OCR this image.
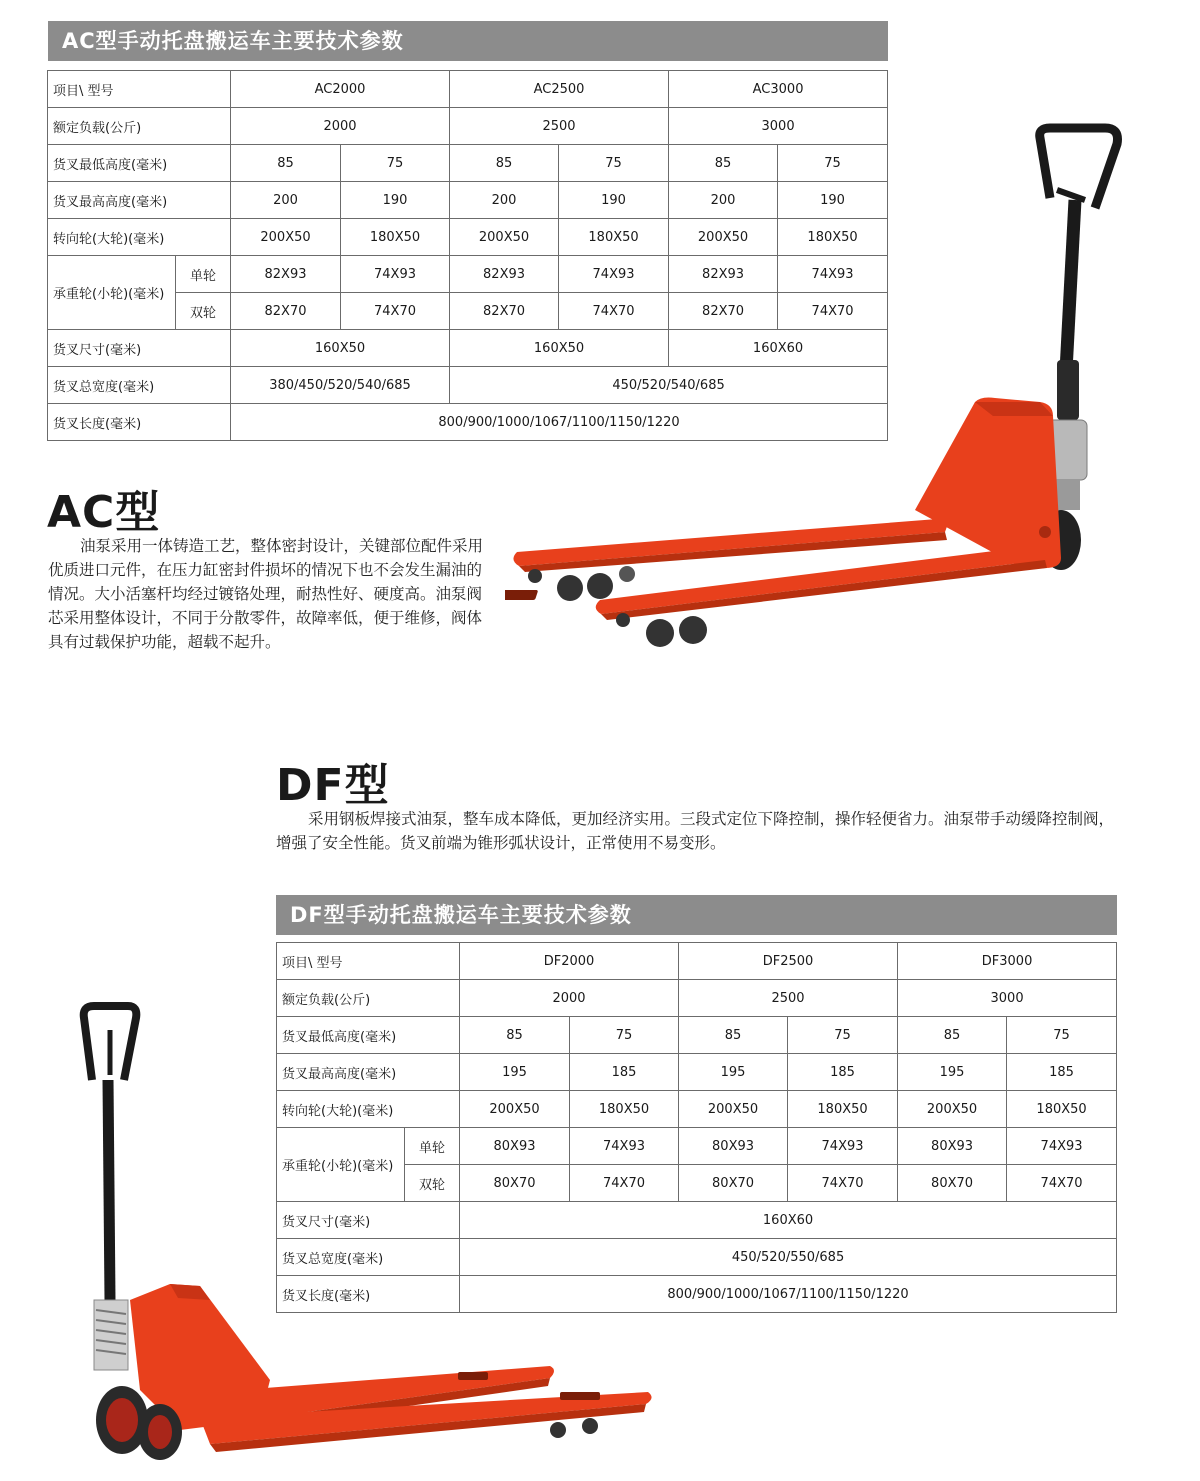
AC型手动托盘搬运车主要技术参数
项目\ 型号		AC2000		AC2500		AC3000	
额定负载(公斤)		2000		2500		3000	
货叉最低高度(毫米)		85	75	85	75	85	75
货叉最高高度(毫米)		200	190	200	190	200	190
转向轮(大轮)(毫米)		200X50	180X50	200X50	180X50	200X50	180X50
承重轮(小轮)(毫米)	单轮	82X93	74X93	82X93	74X93	82X93	74X93
	双轮	82X70	74X70	82X70	74X70	82X70	74X70
货叉尺寸(毫米)		160X50		160X50		160X60	
货叉总宽度(毫米)		380/450/520/540/685		450/520/540/685			
货叉长度(毫米)		800/900/1000/1067/1100/1150/1220					
AC型

油泵采用一体铸造工艺，整体密封设计，关键部位配件采用优质进口元件，在压力缸密封件损坏的情况下也不会发生漏油的情况。大小活塞杆均经过镀铬处理，耐热性好、硬度高。油泵阀芯采用整体设计，不同于分散零件，故障率低，便于维修，阀体具有过载保护功能，超载不起升。

DF型

采用钢板焊接式油泵，整车成本降低，更加经济实用。三段式定位下降控制，操作轻便省力。油泵带手动缓降控制阀，增强了安全性能。货叉前端为锥形弧状设计，正常使用不易变形。

DF型手动托盘搬运车主要技术参数
项目\ 型号		DF2000		DF2500		DF3000	
额定负载(公斤)		2000		2500		3000	
货叉最低高度(毫米)		85	75	85	75	85	75
货叉最高高度(毫米)		195	185	195	185	195	185
转向轮(大轮)(毫米)		200X50	180X50	200X50	180X50	200X50	180X50
承重轮(小轮)(毫米)	单轮	80X93	74X93	80X93	74X93	80X93	74X93
	双轮	80X70	74X70	80X70	74X70	80X70	74X70
货叉尺寸(毫米)		160X60					
货叉总宽度(毫米)		450/520/550/685					
货叉长度(毫米)		800/900/1000/1067/1100/1150/1220					
